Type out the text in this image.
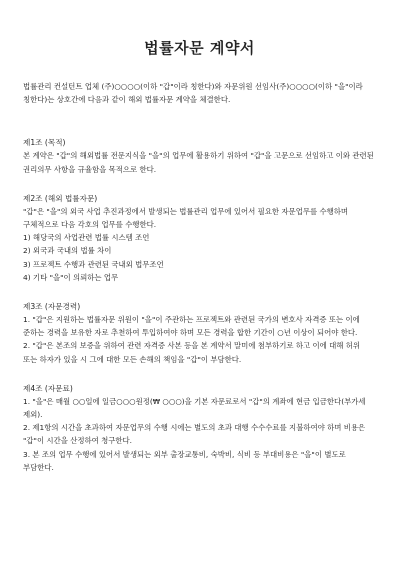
법률자문 계약서

법률관리 컨설턴트 업체 (주)○○○○(이하 "갑"이라 칭한다)와 자문위원 선임사(주)○○○○(이하 "을"이라 칭한다)는 상호간에 다음과 같이 해외 법률자문 계약을 체결한다.

제1조 (목적)

본 계약은 "갑"의 해외법률 전문지식을 "을"의 업무에 활용하기 위하여 "갑"을 고문으로 선임하고 이와 관련된 권리의무 사항을 규율함을 목적으로 한다.

제2조 (해외 법률자문)

"갑"은 "을"의 외국 사업 추진과정에서 발생되는 법률관리 업무에 있어서 필요한 자문업무를 수행하며 구체적으로 다음 각호의 업무를 수행한다.

1) 해당국의 사업관련 법률 시스템 조언

2) 외국과 국내의 법률 차이

3) 프로젝트 수행과 관련된 국내외 법무조언

4) 기타 "을"이 의뢰하는 업무

제3조 (자문경력)

1. "갑"은 지원하는 법률자문 위원이 "을"이 주관하는 프로젝트와 관련된 국가의 변호사 자격증 또는 이에 준하는 경력을 보유한 자로 추천하여 투입하여야 하며 모든 경력을 합한 기간이 ○년 이상이 되어야 한다.

2. "갑"은 본조의 보증을 위하여 관련 자격증 사본 등을 본 계약서 말미에 첨부하기로 하고 이에 대해 허위 또는 하자가 있을 시 그에 대한 모든 손해의 책임을 "갑"이 부담한다.

제4조 (자문료)

1. "을"은 매월 ○○일에 일금○○○원정(₩ ○○○)을 기본 자문료로서 "갑"의 계좌에 현금 입금한다(부가세 제외).

2. 제1항의 시간을 초과하여 자문업무의 수행 시에는 별도의 초과 대행 수수수료를 지불하여야 하며 비용은 "갑"이 시간을 산정하여 청구한다.

3. 본 조의 업무 수행에 있어서 발생되는 외부 출장교통비, 숙박비, 식비 등 부대비용은 "을"이 별도로 부담한다.
